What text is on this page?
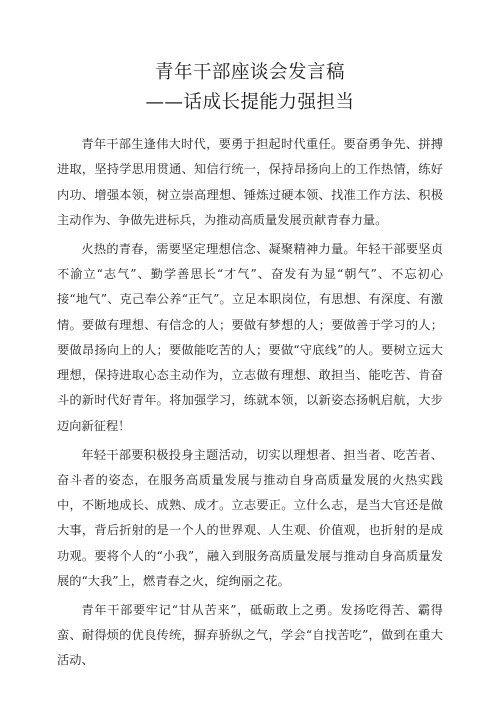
青年干部座谈会发言稿
——话成长提能力强担当

青年干部生逢伟大时代，要勇于担起时代重任。要奋勇争先、拼搏进取，坚持学思用贯通、知信行统一，保持昂扬向上的工作热情，练好内功、增强本领，树立崇高理想、锤炼过硬本领、找准工作方法、积极主动作为、争做先进标兵，为推动高质量发展贡献青春力量。

火热的青春，需要坚定理想信念、凝聚精神力量。年轻干部要坚贞不渝立“志气”、勤学善思长“才气”、奋发有为显“朝气”、不忘初心接“地气”、克己奉公养“正气”。立足本职岗位，有思想、有深度、有激情。要做有理想、有信念的人；要做有梦想的人；要做善于学习的人；要做昂扬向上的人；要做能吃苦的人；要做“守底线”的人。要树立远大理想，保持进取心态主动作为，立志做有理想、敢担当、能吃苦、肯奋斗的新时代好青年。将加强学习，练就本领，以新姿态扬帆启航，大步迈向新征程！

年轻干部要积极投身主题活动，切实以理想者、担当者、吃苦者、奋斗者的姿态，在服务高质量发展与推动自身高质量发展的火热实践中，不断地成长、成熟、成才。立志要正。立什么志，是当大官还是做大事，背后折射的是一个人的世界观、人生观、价值观，也折射的是成功观。要将个人的“小我”，融入到服务高质量发展与推动自身高质量发展的“大我”上，燃青春之火，绽绚丽之花。

青年干部要牢记“甘从苦来”，砥砺敢上之勇。发扬吃得苦、霸得蛮、耐得烦的优良传统，摒弃骄纵之气，学会“自找苦吃”，做到在重大活动、
